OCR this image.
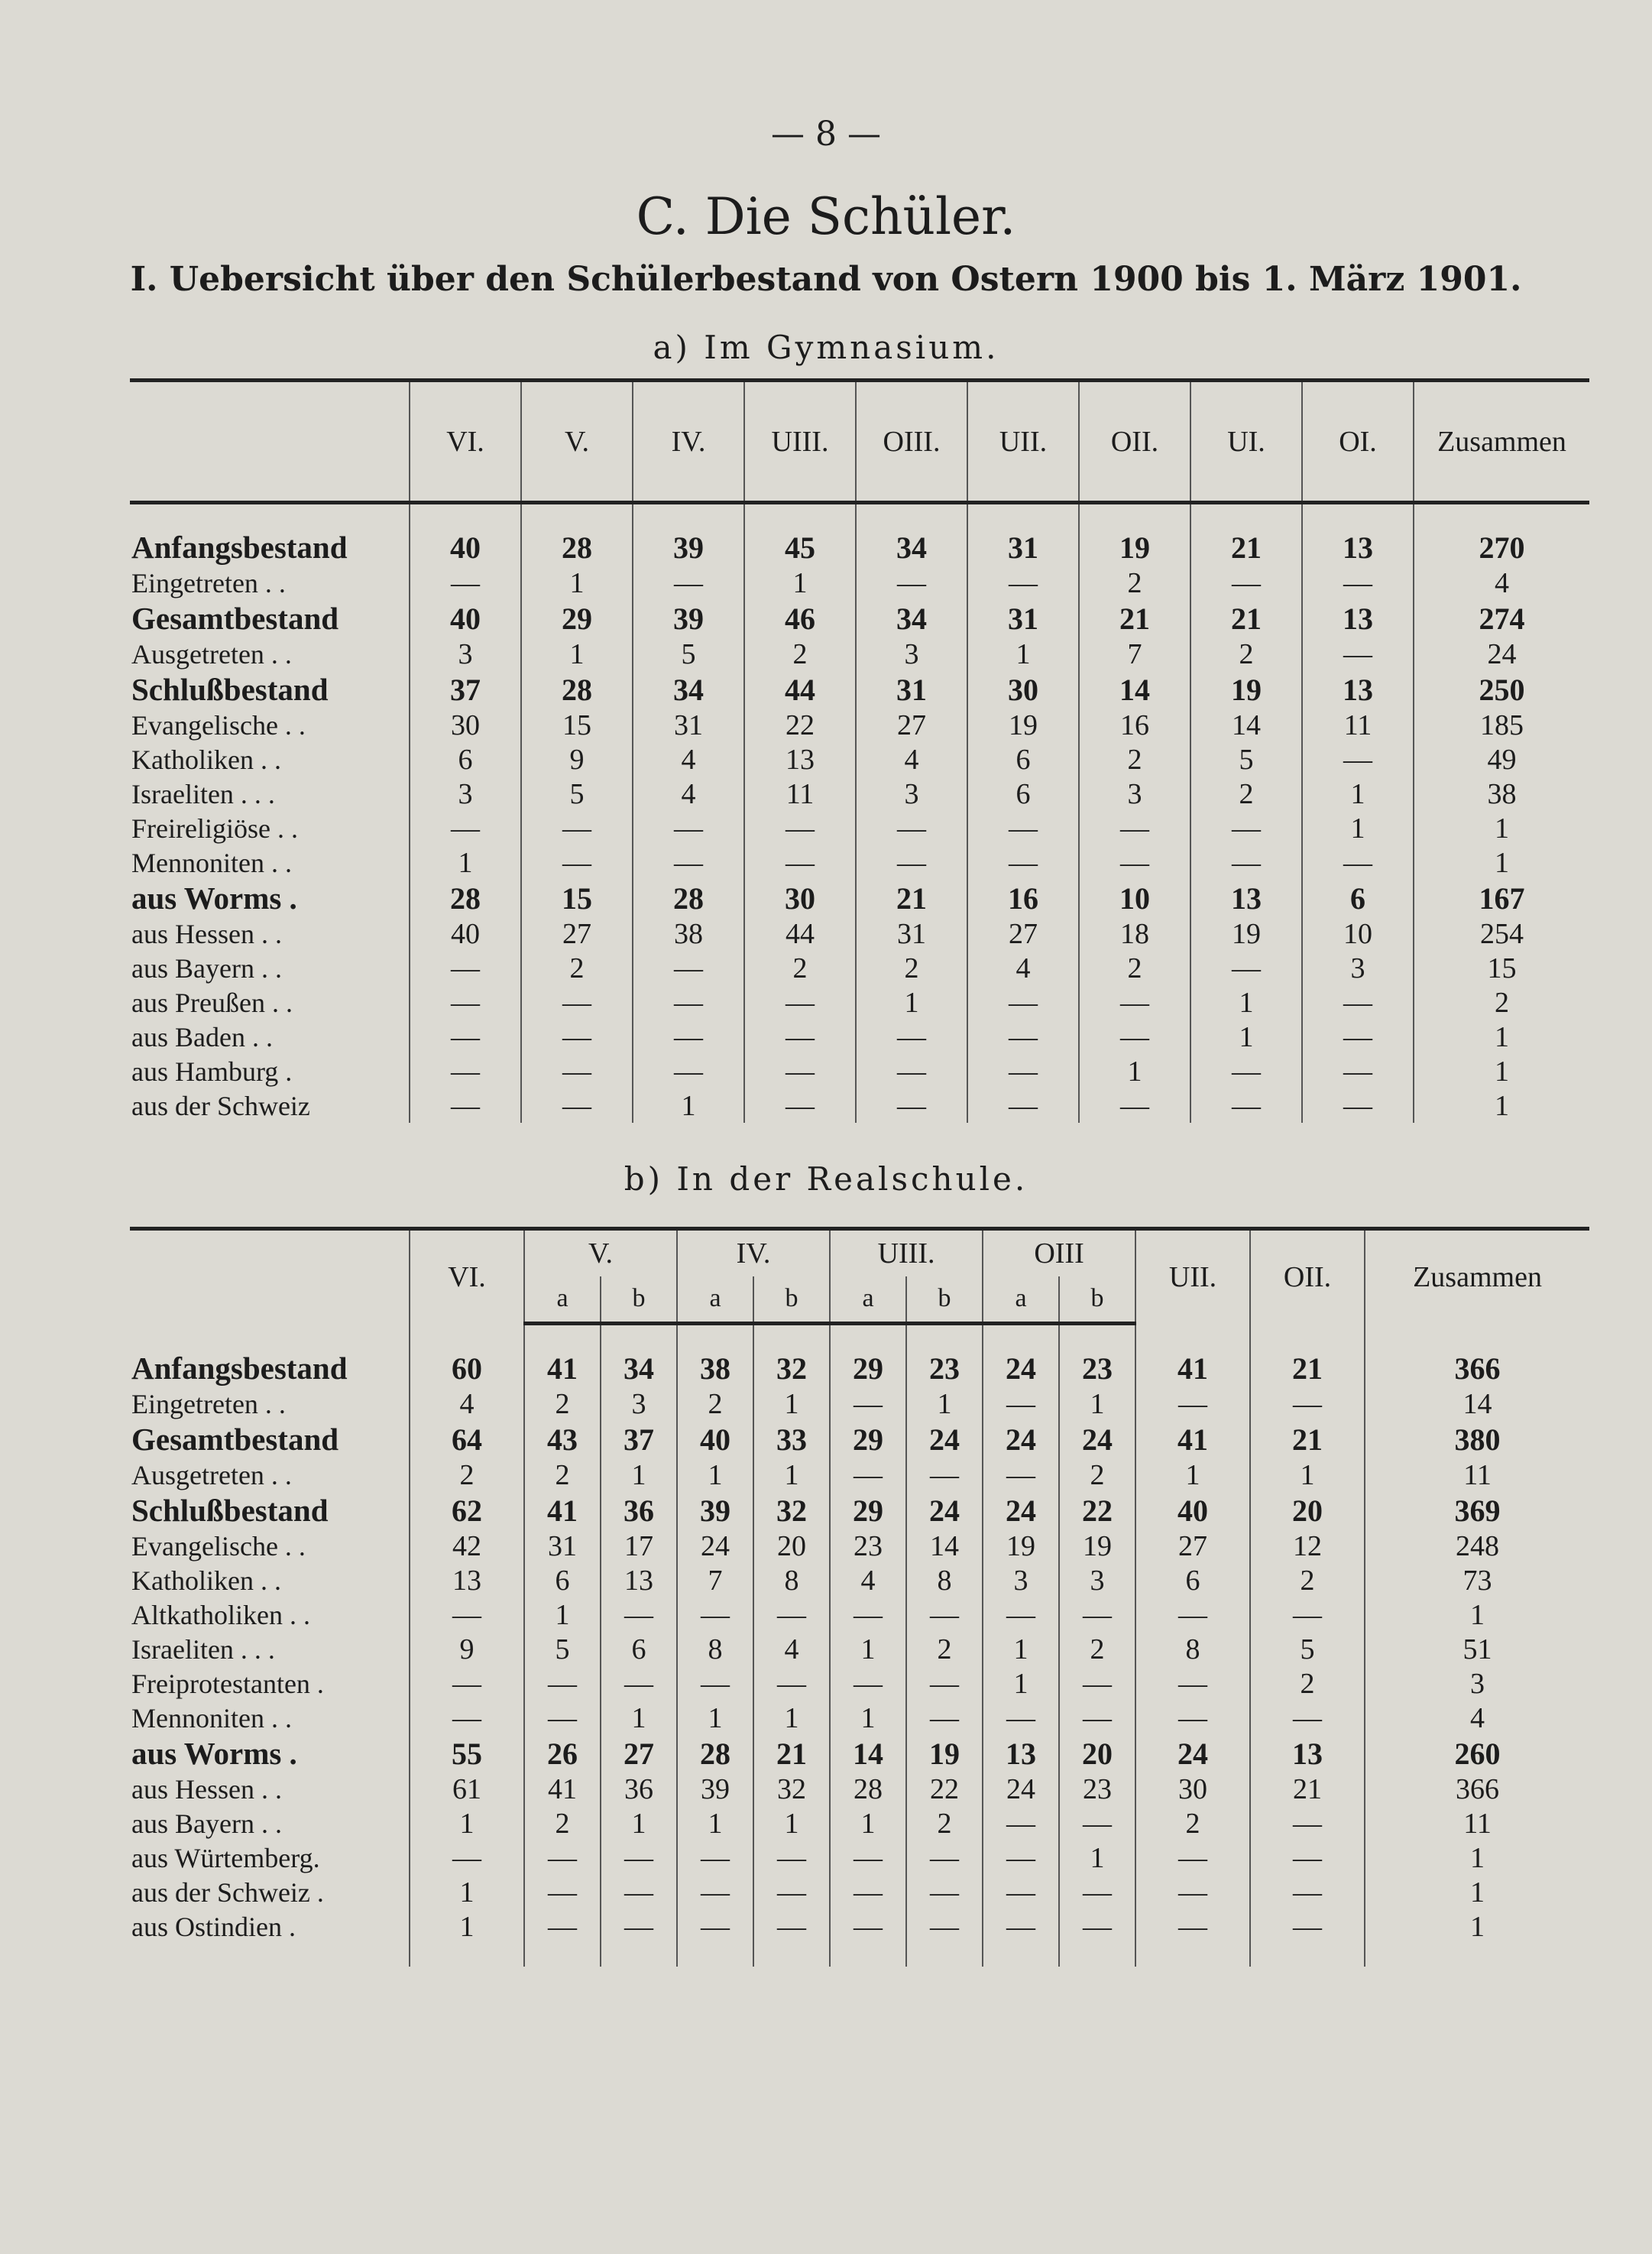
— 8 —
C. Die Schüler.
I. Uebersicht über den Schülerbestand von Ostern 1900 bis 1. März 1901.
a) Im Gymnasium.
	VI.	V.	IV.	UIII.	OIII.	UII.	OII.	UI.	OI.	Zusammen

Anfangsbestand	40	28	39	45	34	31	19	21	13	270
Eingetreten . .	—	1	—	1	—	—	2	—	—	4
Gesamtbestand	40	29	39	46	34	31	21	21	13	274
Ausgetreten . .	3	1	5	2	3	1	7	2	—	24
Schlußbestand	37	28	34	44	31	30	14	19	13	250
Evangelische . .	30	15	31	22	27	19	16	14	11	185
Katholiken . .	6	9	4	13	4	6	2	5	—	49
Israeliten . . .	3	5	4	11	3	6	3	2	1	38
Freireligiöse . .	—	—	—	—	—	—	—	—	1	1
Mennoniten . .	1	—	—	—	—	—	—	—	—	1
aus Worms .	28	15	28	30	21	16	10	13	6	167
aus Hessen . .	40	27	38	44	31	27	18	19	10	254
aus Bayern . .	—	2	—	2	2	4	2	—	3	15
aus Preußen . .	—	—	—	—	1	—	—	1	—	2
aus Baden . .	—	—	—	—	—	—	—	1	—	1
aus Hamburg .	—	—	—	—	—	—	1	—	—	1
aus der Schweiz	—	—	1	—	—	—	—	—	—	1
b) In der Realschule.
	VI.	V.		IV.		UIII.		OIII		UII.	OII.	Zusammen
		a	b	a	b	a	b	a	b			

Anfangsbestand	60	41	34	38	32	29	23	24	23	41	21	366
Eingetreten . .	4	2	3	2	1	—	1	—	1	—	—	14
Gesamtbestand	64	43	37	40	33	29	24	24	24	41	21	380
Ausgetreten . .	2	2	1	1	1	—	—	—	2	1	1	11
Schlußbestand	62	41	36	39	32	29	24	24	22	40	20	369
Evangelische . .	42	31	17	24	20	23	14	19	19	27	12	248
Katholiken . .	13	6	13	7	8	4	8	3	3	6	2	73
Altkatholiken . .	—	1	—	—	—	—	—	—	—	—	—	1
Israeliten . . .	9	5	6	8	4	1	2	1	2	8	5	51
Freiprotestanten .	—	—	—	—	—	—	—	1	—	—	2	3
Mennoniten . .	—	—	1	1	1	1	—	—	—	—	—	4
aus Worms .	55	26	27	28	21	14	19	13	20	24	13	260
aus Hessen . .	61	41	36	39	32	28	22	24	23	30	21	366
aus Bayern . .	1	2	1	1	1	1	2	—	—	2	—	11
aus Würtemberg.	—	—	—	—	—	—	—	—	1	—	—	1
aus der Schweiz .	1	—	—	—	—	—	—	—	—	—	—	1
aus Ostindien .	1	—	—	—	—	—	—	—	—	—	—	1
